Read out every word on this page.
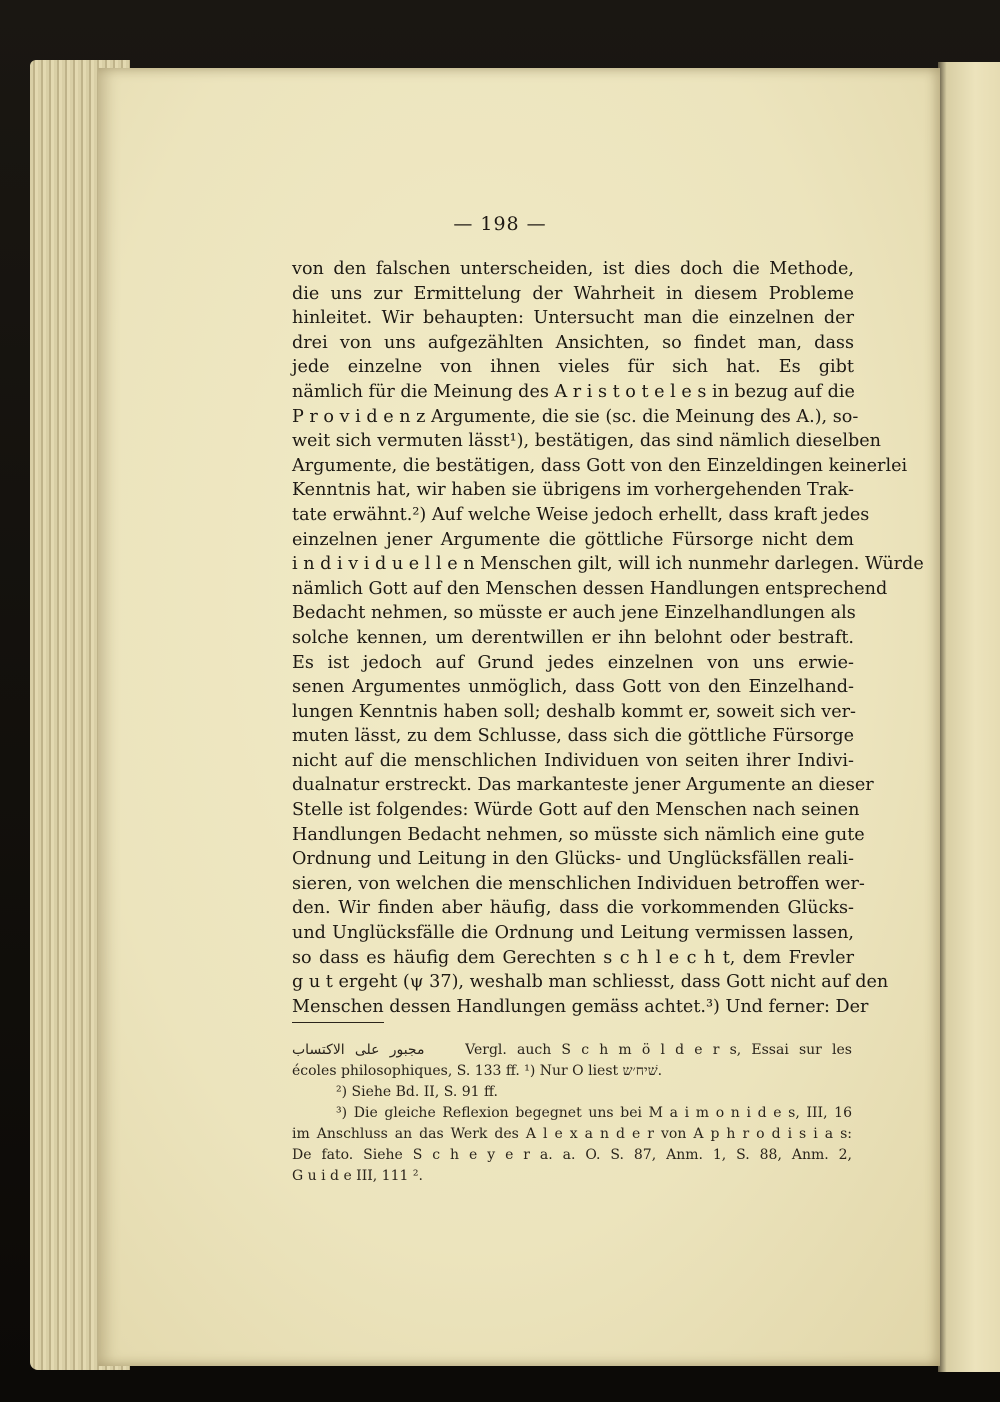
— 198 —
von den falschen unterscheiden, ist dies doch die Methode,
die uns zur Ermittelung der Wahrheit in diesem Probleme
hinleitet. Wir behaupten: Untersucht man die einzelnen der
drei von uns aufgezählten Ansichten, so findet man, dass
jede einzelne von ihnen vieles für sich hat. Es gibt
nämlich für die Meinung des A r i s t o t e l e s in bezug auf die
P r o v i d e n z Argumente, die sie (sc. die Meinung des A.), so-
weit sich vermuten lässt¹), bestätigen, das sind nämlich dieselben
Argumente, die bestätigen, dass Gott von den Einzeldingen keinerlei
Kenntnis hat, wir haben sie übrigens im vorhergehenden Trak-
tate erwähnt.²) Auf welche Weise jedoch erhellt, dass kraft jedes
einzelnen jener Argumente die göttliche Fürsorge nicht dem
i n d i v i d u e l l e n Menschen gilt, will ich nunmehr darlegen. Würde
nämlich Gott auf den Menschen dessen Handlungen entsprechend
Bedacht nehmen, so müsste er auch jene Einzelhandlungen als
solche kennen, um derentwillen er ihn belohnt oder bestraft.
Es ist jedoch auf Grund jedes einzelnen von uns erwie-
senen Argumentes unmöglich, dass Gott von den Einzelhand-
lungen Kenntnis haben soll; deshalb kommt er, soweit sich ver-
muten lässt, zu dem Schlusse, dass sich die göttliche Fürsorge
nicht auf die menschlichen Individuen von seiten ihrer Indivi-
dualnatur erstreckt. Das markanteste jener Argumente an dieser
Stelle ist folgendes: Würde Gott auf den Menschen nach seinen
Handlungen Bedacht nehmen, so müsste sich nämlich eine gute
Ordnung und Leitung in den Glücks- und Unglücksfällen reali-
sieren, von welchen die menschlichen Individuen betroffen wer-
den. Wir finden aber häufig, dass die vorkommenden Glücks-
und Unglücksfälle die Ordnung und Leitung vermissen lassen,
so dass es häufig dem Gerechten s c h l e c h t, dem Frevler
g u t ergeht (ψ 37), weshalb man schliesst, dass Gott nicht auf den
Menschen dessen Handlungen gemäss achtet.³) Und ferner: Der
مجبور على الاكتساب	Vergl. auch S c h m ö l d e r s, Essai sur les
écoles philosophiques, S. 133 ff. ¹) Nur O liest שׁיח׳ש.
²) Siehe Bd. II, S. 91 ff.
³) Die gleiche Reflexion begegnet uns bei M a i m o n i d e s, III, 16
im Anschluss an das Werk des A l e x a n d e r von A p h r o d i s i a s:
De fato. Siehe S c h e y e r a. a. O. S. 87, Anm. 1, S. 88, Anm. 2,
G u i d e III, 111 ².
